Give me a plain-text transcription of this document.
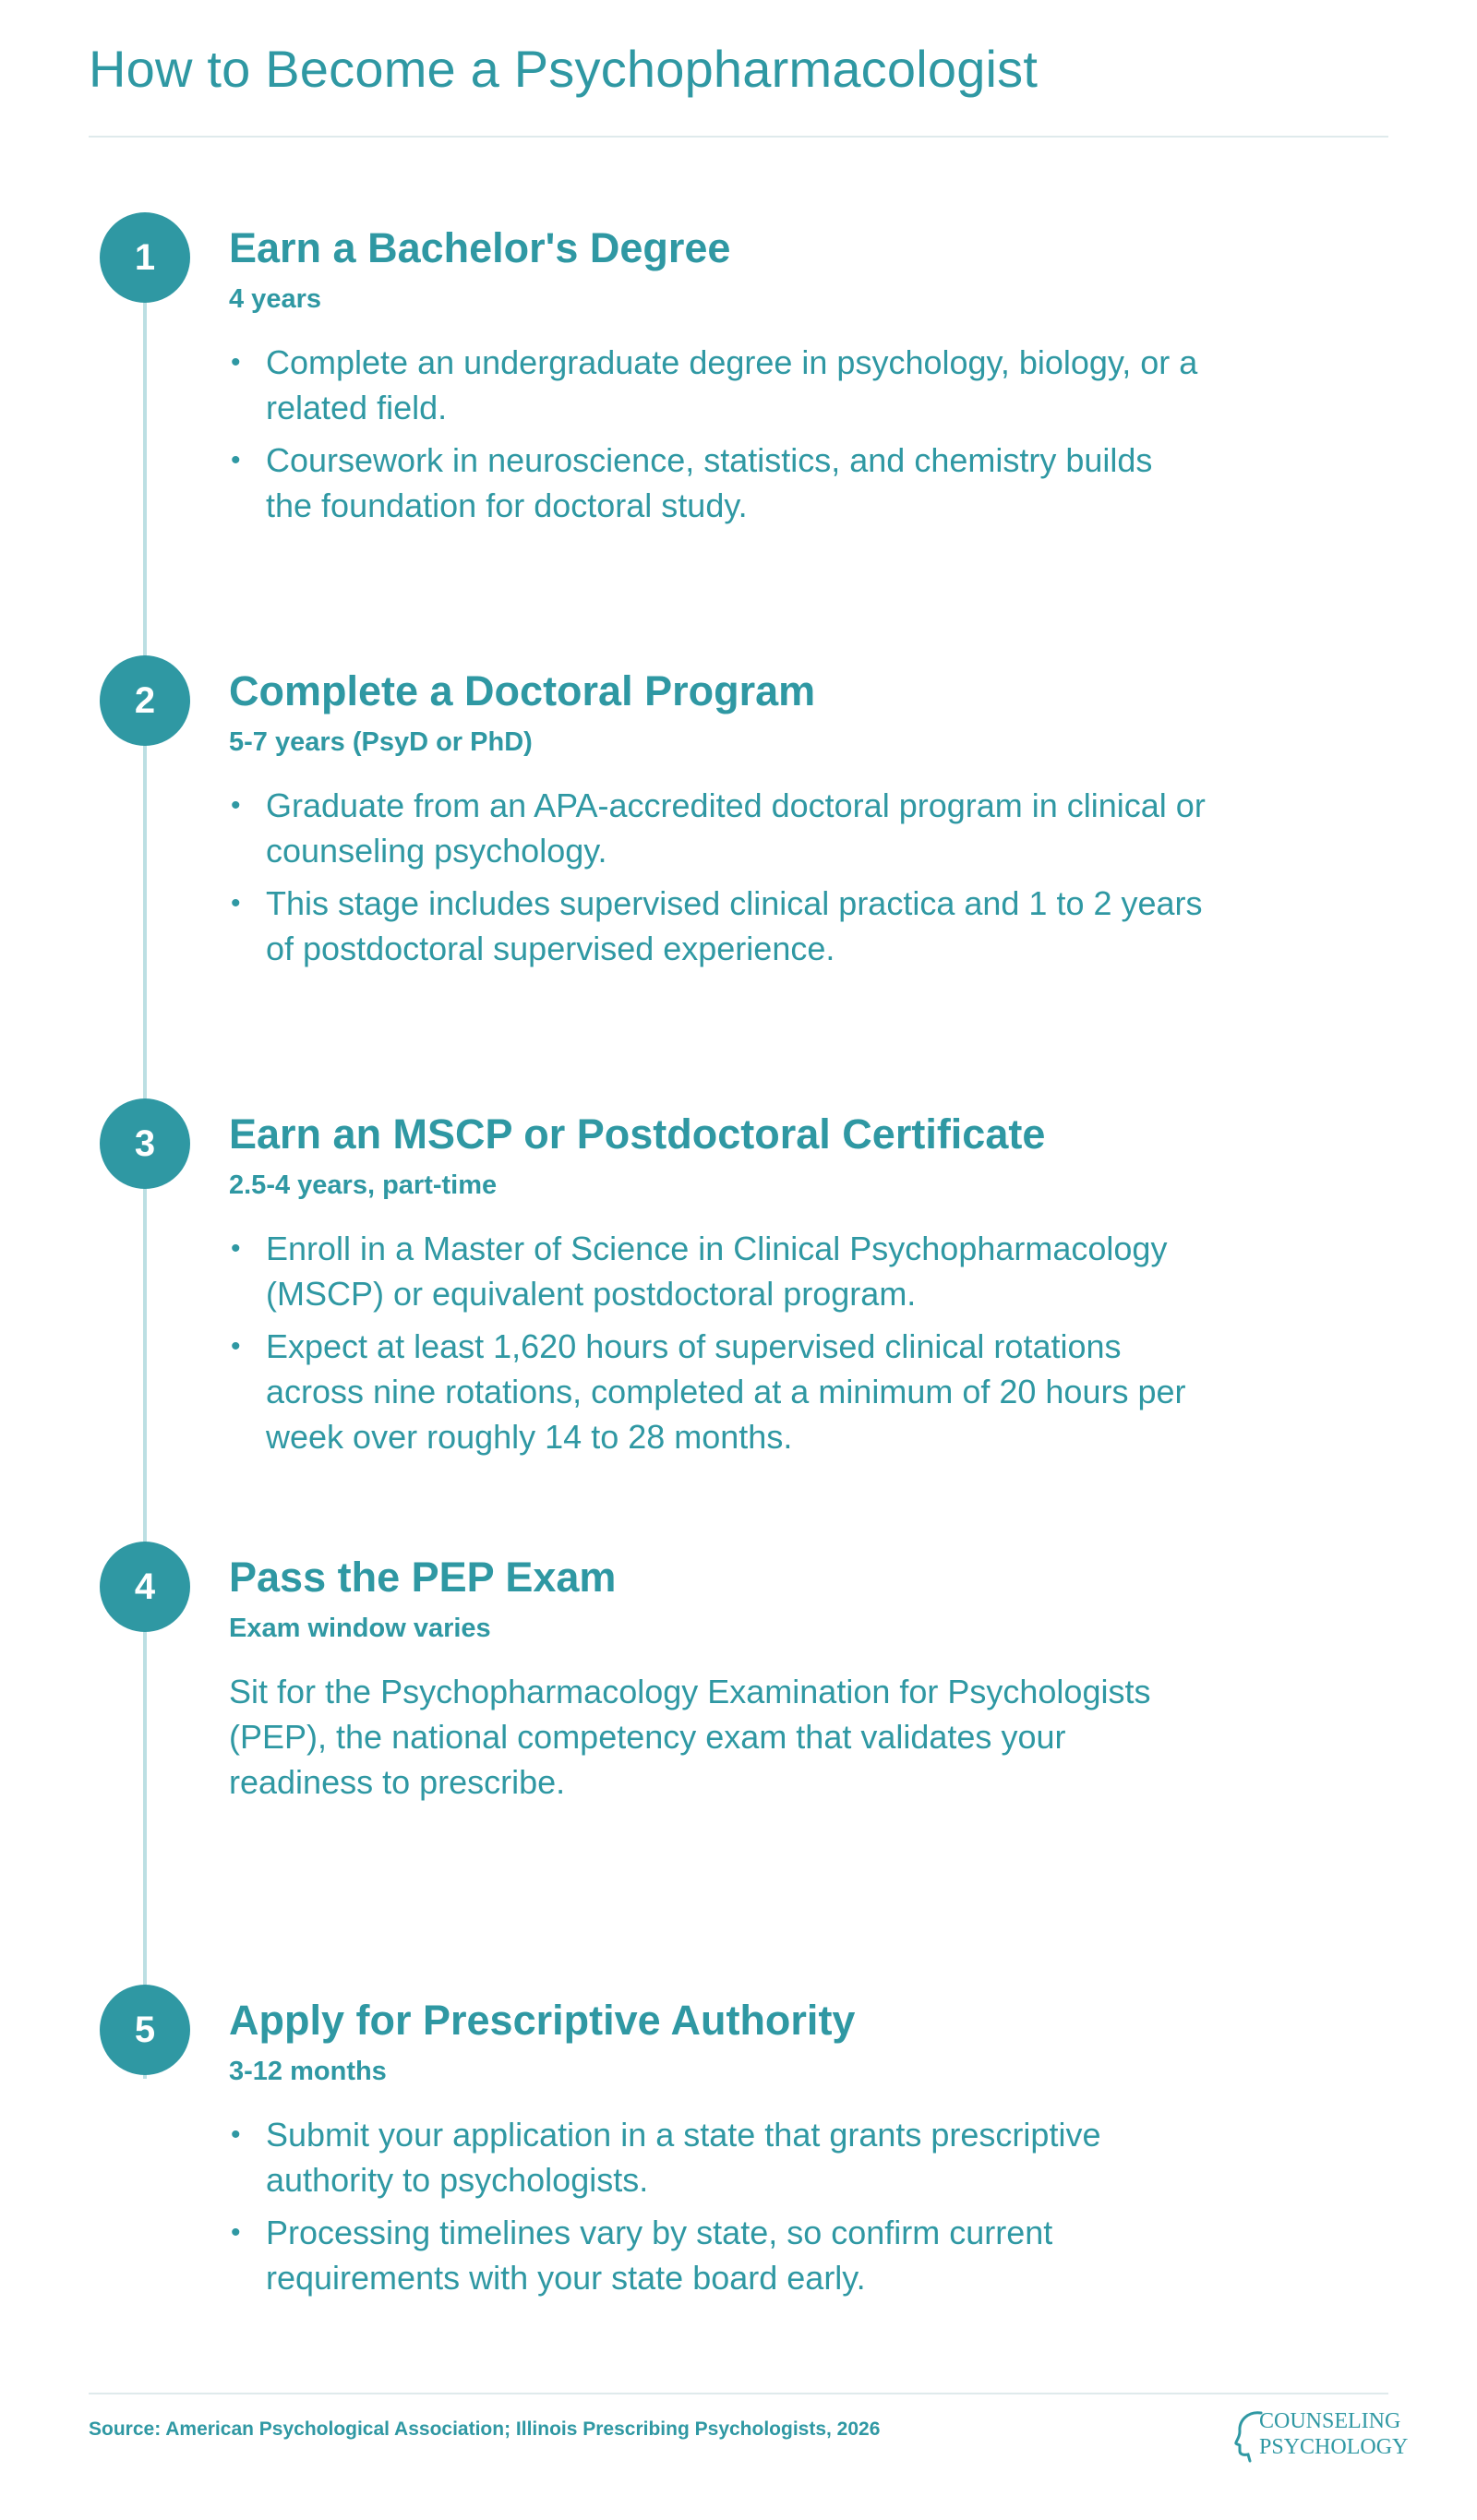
How to Become a Psychopharmacologist
1	Earn a Bachelor's Degree
4 years
• Complete an undergraduate degree in psychology, biology, or a related field.
• Coursework in neuroscience, statistics, and chemistry builds the foundation for doctoral study.
2	Complete a Doctoral Program
5-7 years (PsyD or PhD)
• Graduate from an APA-accredited doctoral program in clinical or counseling psychology.
• This stage includes supervised clinical practica and 1 to 2 years of postdoctoral supervised experience.
3	Earn an MSCP or Postdoctoral Certificate
2.5-4 years, part-time
• Enroll in a Master of Science in Clinical Psychopharmacology (MSCP) or equivalent postdoctoral program.
• Expect at least 1,620 hours of supervised clinical rotations across nine rotations, completed at a minimum of 20 hours per week over roughly 14 to 28 months.
4	Pass the PEP Exam
Exam window varies
Sit for the Psychopharmacology Examination for Psychologists (PEP), the national competency exam that validates your readiness to prescribe.
5	Apply for Prescriptive Authority
3-12 months
• Submit your application in a state that grants prescriptive authority to psychologists.
• Processing timelines vary by state, so confirm current requirements with your state board early.
Source: American Psychological Association; Illinois Prescribing Psychologists, 2026	COUNSELING
PSYCHOLOGY
